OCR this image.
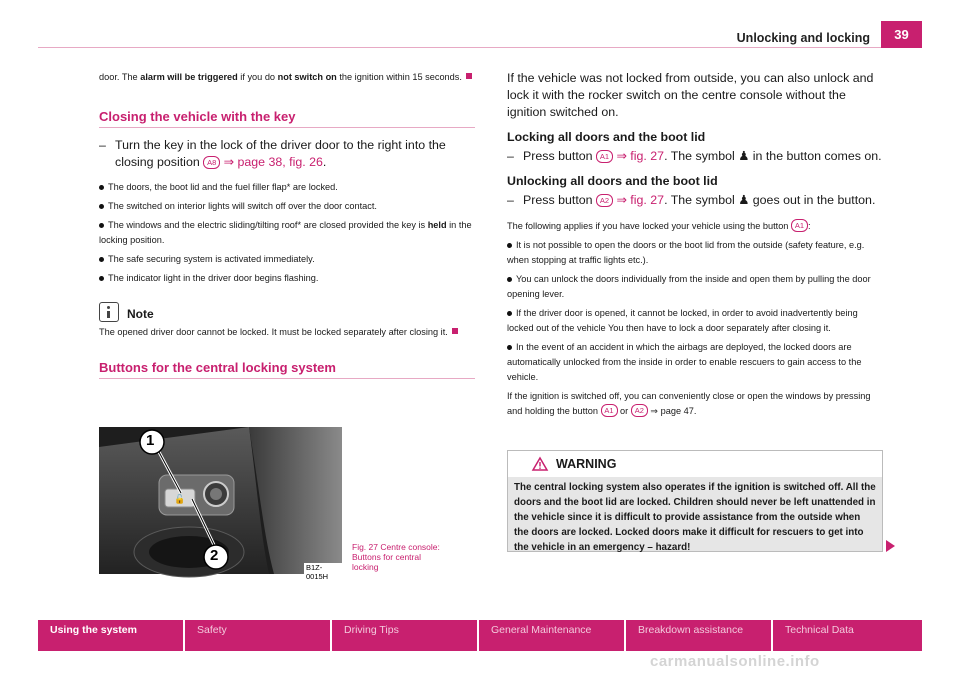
Unlocking and locking	39

door. The alarm will be triggered if you do not switch on the ignition within 15 seconds.

Closing the vehicle with the key

– Turn the key in the lock of the driver door to the right into the closing position A8 ⇒ page 38, fig. 26.

The doors, the boot lid and the fuel filler flap* are locked.

The switched on interior lights will switch off over the door contact.

The windows and the electric sliding/tilting roof* are closed provided the key is held in the locking position.

The safe securing system is activated immediately.

The indicator light in the driver door begins flashing.

Note

The opened driver door cannot be locked. It must be locked separately after closing it.

Buttons for the central locking system
🔓
1
2
B1Z-0015H
Fig. 27 Centre console:
Buttons for central
locking

If the vehicle was not locked from outside, you can also unlock and lock it with the rocker switch on the centre console without the ignition switched on.

Locking all doors and the boot lid

– Press button A1 ⇒ fig. 27. The symbol ♟ in the button comes on.

Unlocking all doors and the boot lid

– Press button A2 ⇒ fig. 27. The symbol ♟ goes out in the button.

The following applies if you have locked your vehicle using the button A1 :

It is not possible to open the doors or the boot lid from the outside (safety feature, e.g. when stopping at traffic lights etc.).

You can unlock the doors individually from the inside and open them by pulling the door opening lever.

If the driver door is opened, it cannot be locked, in order to avoid inadvertently being locked out of the vehicle You then have to lock a door separately after closing it.

In the event of an accident in which the airbags are deployed, the locked doors are automatically unlocked from the inside in order to enable rescuers to gain access to the vehicle.

If the ignition is switched off, you can conveniently close or open the windows by pressing and holding the button A1 or A2 ⇒ page 47.

WARNING
The central locking system also operates if the ignition is switched off. All the doors and the boot lid are locked. Children should never be left unattended in the vehicle since it is difficult to provide assistance from the outside when the doors are locked. Locked doors make it difficult for rescuers to get into the vehicle in an emergency – hazard!
Using the system	Safety	Driving Tips	General Maintenance	Breakdown assistance	Technical Data
carmanualsonline.info
